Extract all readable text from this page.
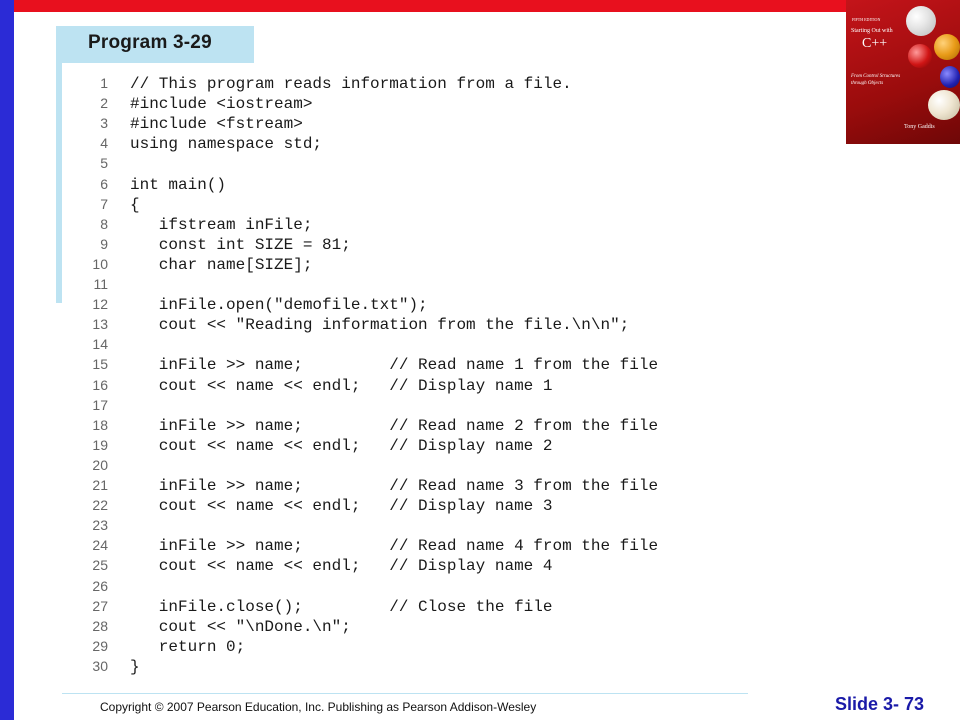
Program 3-29
1 // This program reads information from a file.
2 #include <iostream>
3 #include <fstream>
4 using namespace std;
5
6 int main()
7 {
8 ifstream inFile;
9 const int SIZE = 81;
10 char name[SIZE];
11
12 inFile.open("demofile.txt");
13 cout << "Reading information from the file.\n\n";
14
15 inFile >> name;         // Read name 1 from the file
16 cout << name << endl;   // Display name 1
17
18 inFile >> name;         // Read name 2 from the file
19 cout << name << endl;   // Display name 2
20
21 inFile >> name;         // Read name 3 from the file
22 cout << name << endl;   // Display name 3
23
24 inFile >> name;         // Read name 4 from the file
25 cout << name << endl;   // Display name 4
26
27 inFile.close();         // Close the file
28 cout << "\nDone.\n";
29 return 0;
30 }
FIFTH EDITION
Starting Out with
C++
From Control Structures
through Objects
Tony Gaddis
Copyright © 2007 Pearson Education, Inc. Publishing as Pearson Addison-Wesley	Slide 3- 73
